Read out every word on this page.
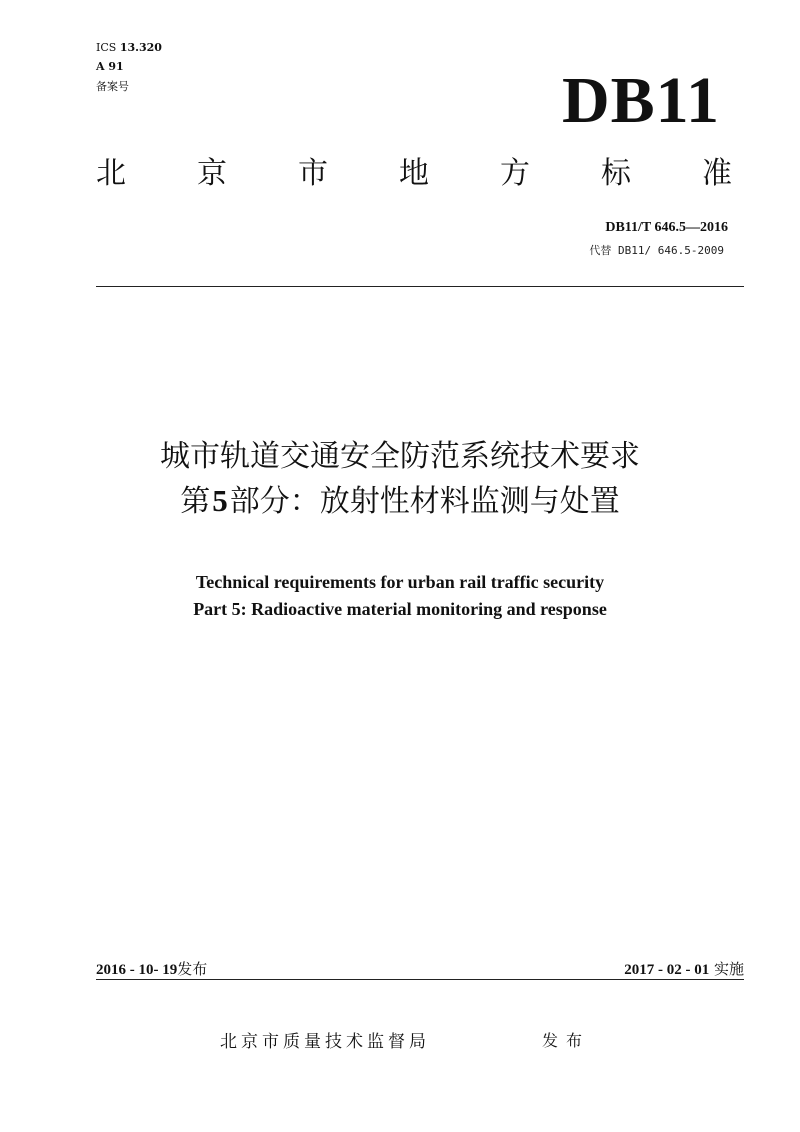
ICS 13.320
A 91
备案号	DB11
北 京 市 地 方 标 准
DB11/T 646.5—2016
代替 DB11/ 646.5-2009
城市轨道交通安全防范系统技术要求
第5部分：放射性材料监测与处置
Technical requirements for urban rail traffic security
Part 5: Radioactive material monitoring and response
2016 - 10- 19发布	2017 - 02 - 01 实施
北京市质量技术监督局	发布
